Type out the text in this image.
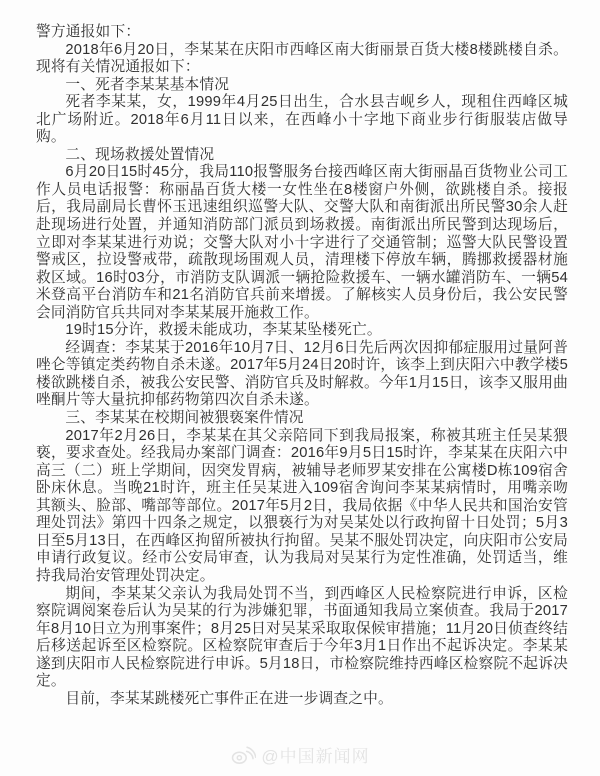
警方通报如下：

2018年6月20日，李某某在庆阳市西峰区南大街丽景百货大楼8楼跳楼自杀。现将有关情况通报如下：

一、死者李某某基本情况

死者李某某，女，1999年4月25日出生，合水县吉岘乡人，现租住西峰区城北广场附近。2018年6月11日以来，在西峰小十字地下商业步行街服装店做导购。

二、现场救援处置情况

6月20日15时45分，我局110报警服务台接西峰区南大街丽晶百货物业公司工作人员电话报警：称丽晶百货大楼一女性坐在8楼窗户外侧，欲跳楼自杀。接报后，我局副局长曹怀玉迅速组织巡警大队、交警大队和南街派出所民警30余人赶赴现场进行处置，并通知消防部门派员到场救援。南街派出所民警到达现场后，立即对李某某进行劝说；交警大队对小十字进行了交通管制；巡警大队民警设置警戒区，拉设警戒带，疏散现场围观人员，清理楼下停放车辆，腾挪救援器材施救区域。16时03分，市消防支队调派一辆抢险救援车、一辆水罐消防车、一辆54米登高平台消防车和21名消防官兵前来增援。了解核实人员身份后，我公安民警会同消防官兵共同对李某某展开施救工作。

19时15分许，救援未能成功，李某某坠楼死亡。

经调查：李某某于2016年10月7日、12月6日先后两次因抑郁症服用过量阿普唑仑等镇定类药物自杀未遂。2017年5月24日20时许，该李上到庆阳六中教学楼5楼欲跳楼自杀，被我公安民警、消防官兵及时解救。今年1月15日，该李又服用曲唑酮片等大量抗抑郁药物第四次自杀未遂。

三、李某某在校期间被猥亵案件情况

2017年2月26日，李某某在其父亲陪同下到我局报案，称被其班主任吴某猥亵，要求查处。经我局办案部门调查：2016年9月5日15时许，李某某在庆阳六中高三（二）班上学期间，因突发胃病，被辅导老师罗某安排在公寓楼D栋109宿舍卧床休息。当晚21时许，班主任吴某进入109宿舍询问李某某病情时，用嘴亲吻其额头、脸部、嘴部等部位。2017年5月2日，我局依据《中华人民共和国治安管理处罚法》第四十四条之规定，以猥亵行为对吴某处以行政拘留十日处罚；5月3日至5月13日，在西峰区拘留所被执行拘留。吴某不服处罚决定，向庆阳市公安局申请行政复议。经市公安局审查，认为我局对吴某行为定性准确，处罚适当，维持我局治安管理处罚决定。

期间，李某某父亲认为我局处罚不当，到西峰区人民检察院进行申诉，区检察院调阅案卷后认为吴某的行为涉嫌犯罪，书面通知我局立案侦查。我局于2017年8月10日立为刑事案件；8月25日对吴某采取取保候审措施；11月20日侦查终结后移送起诉至区检察院。区检察院审查后于今年3月1日作出不起诉决定。李某某遂到庆阳市人民检察院进行申诉。5月18日，市检察院维持西峰区检察院不起诉决定。

目前，李某某跳楼死亡事件正在进一步调查之中。

@中国新闻网
